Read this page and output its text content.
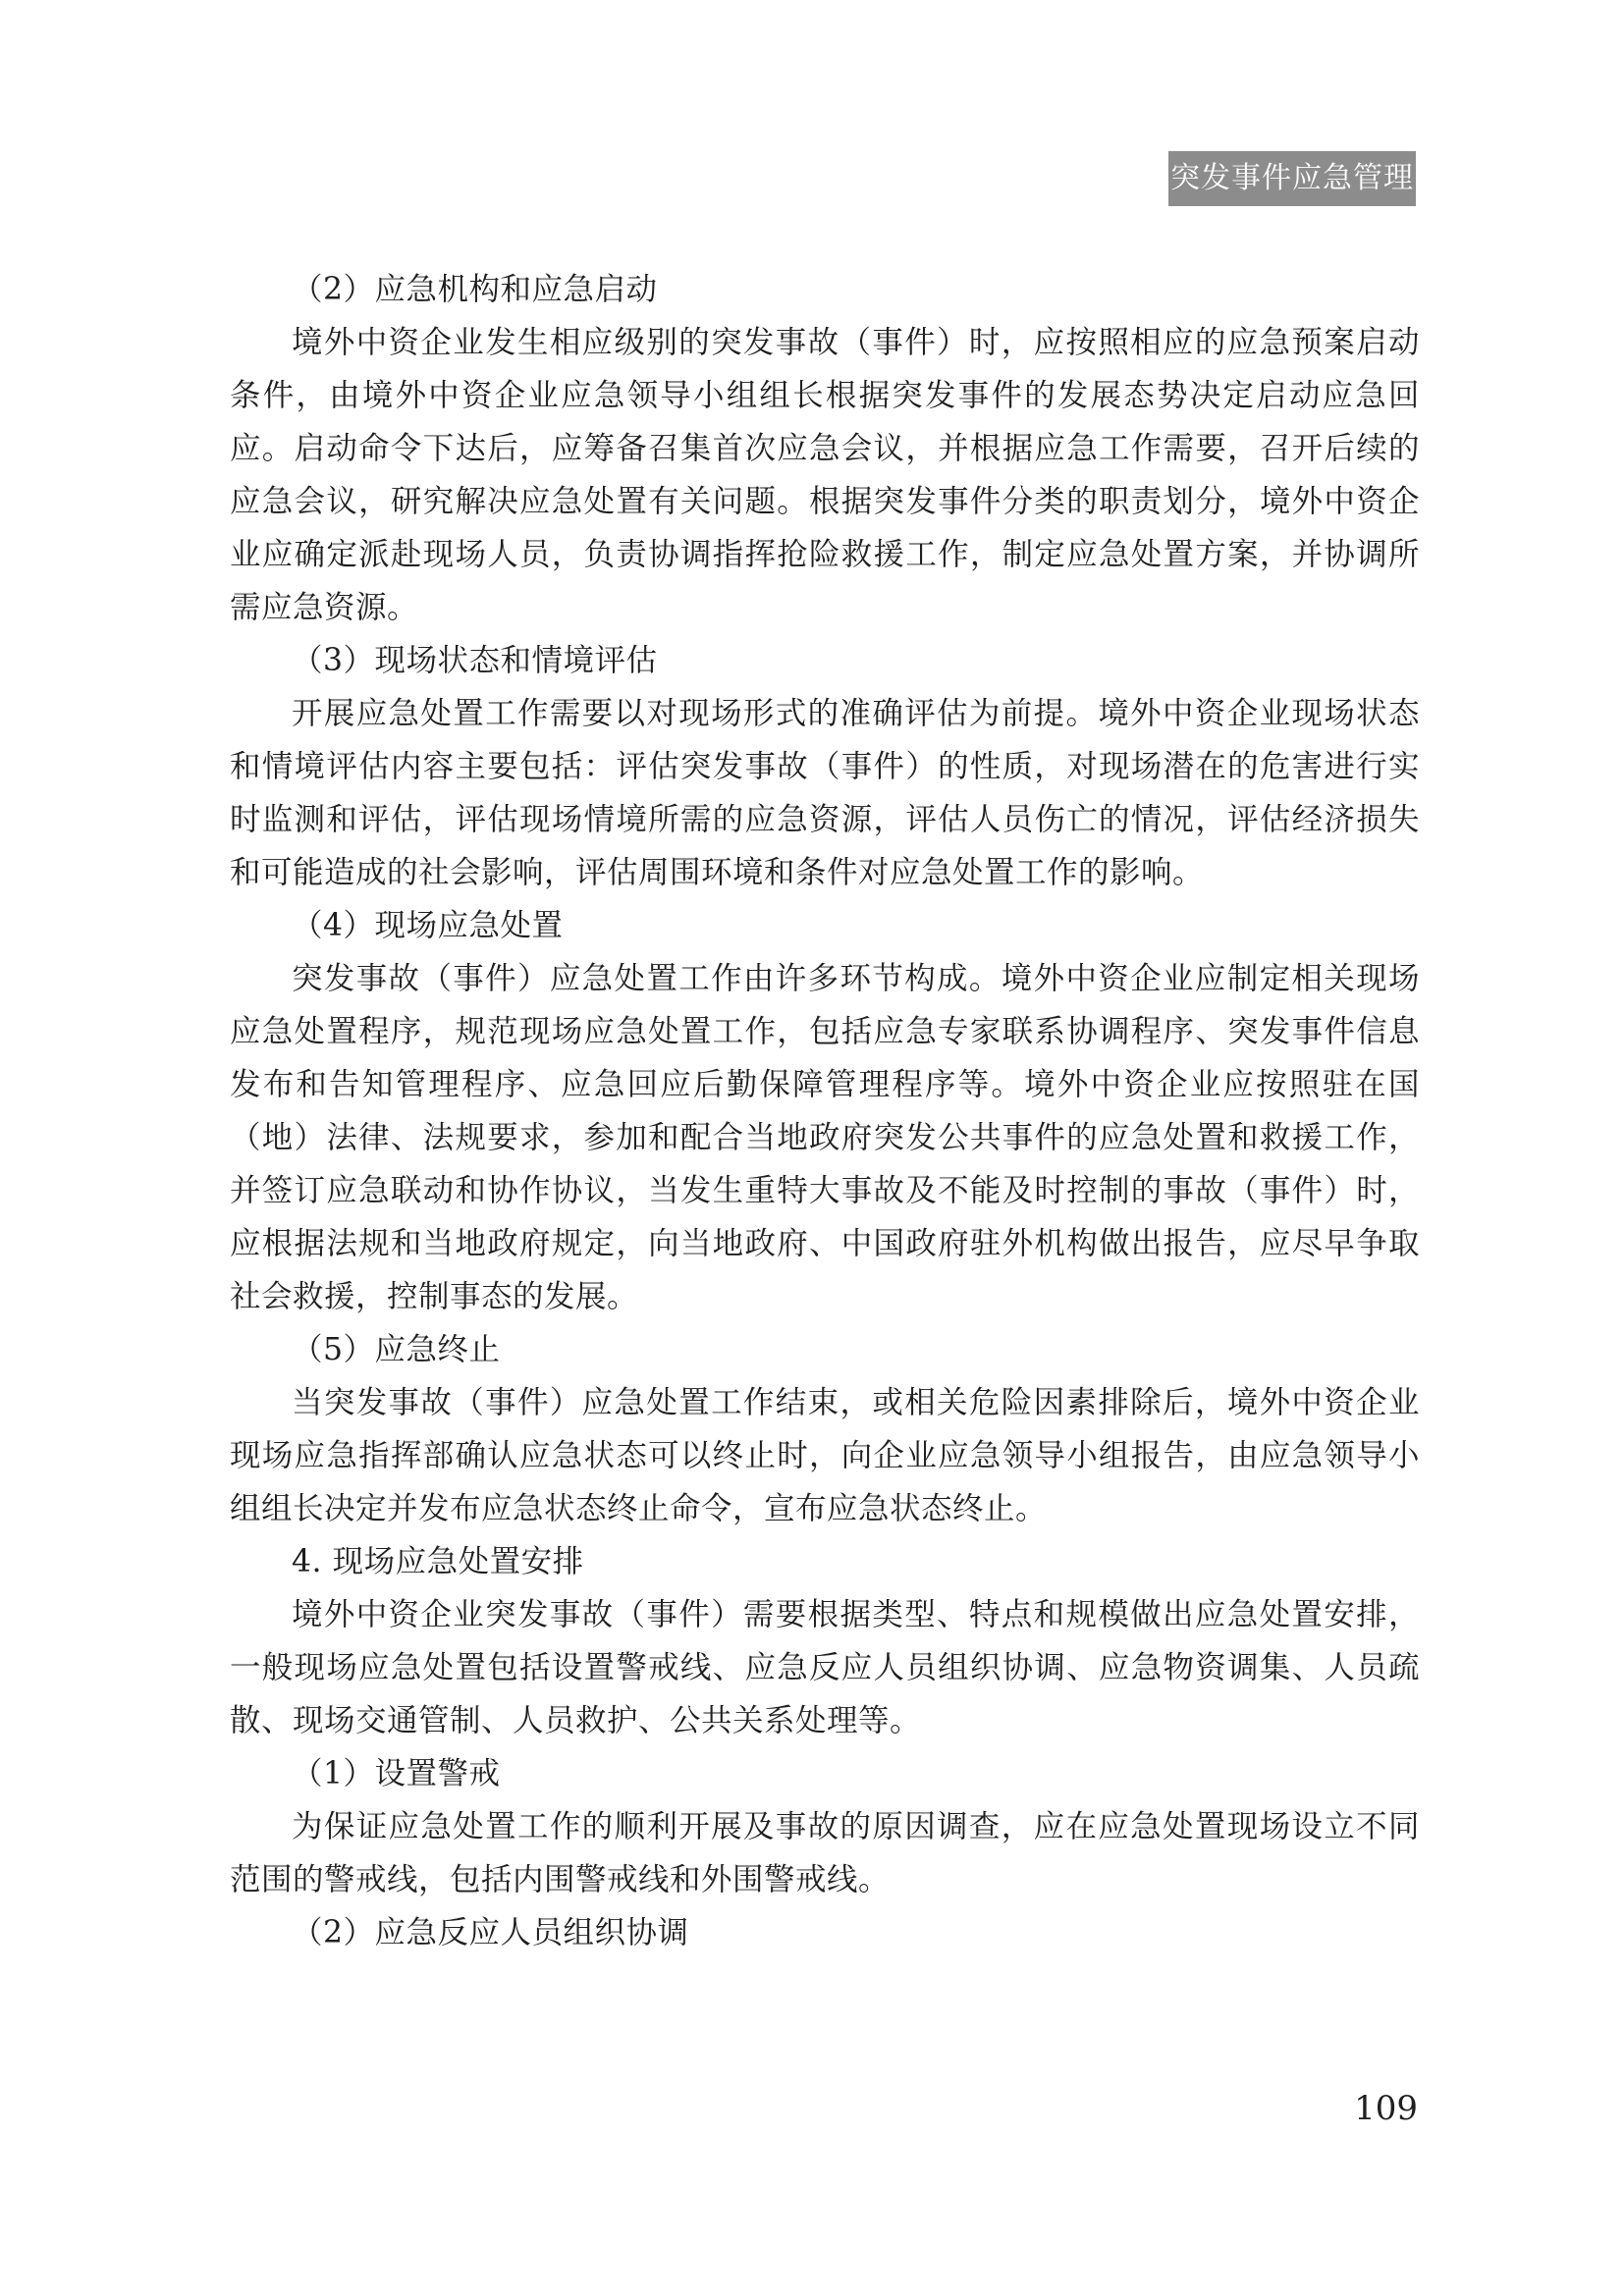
突发事件应急管理

（2）应急机构和应急启动

境外中资企业发生相应级别的突发事故（事件）时，应按照相应的应急预案启动条件，由境外中资企业应急领导小组组长根据突发事件的发展态势决定启动应急回应。启动命令下达后，应筹备召集首次应急会议，并根据应急工作需要，召开后续的应急会议，研究解决应急处置有关问题。根据突发事件分类的职责划分，境外中资企业应确定派赴现场人员，负责协调指挥抢险救援工作，制定应急处置方案，并协调所需应急资源。

（3）现场状态和情境评估

开展应急处置工作需要以对现场形式的准确评估为前提。境外中资企业现场状态和情境评估内容主要包括：评估突发事故（事件）的性质，对现场潜在的危害进行实时监测和评估，评估现场情境所需的应急资源，评估人员伤亡的情况，评估经济损失和可能造成的社会影响，评估周围环境和条件对应急处置工作的影响。

（4）现场应急处置

突发事故（事件）应急处置工作由许多环节构成。境外中资企业应制定相关现场应急处置程序，规范现场应急处置工作，包括应急专家联系协调程序、突发事件信息发布和告知管理程序、应急回应后勤保障管理程序等。境外中资企业应按照驻在国（地）法律、法规要求，参加和配合当地政府突发公共事件的应急处置和救援工作，并签订应急联动和协作协议，当发生重特大事故及不能及时控制的事故（事件）时，应根据法规和当地政府规定，向当地政府、中国政府驻外机构做出报告，应尽早争取社会救援，控制事态的发展。

（5）应急终止

当突发事故（事件）应急处置工作结束，或相关危险因素排除后，境外中资企业现场应急指挥部确认应急状态可以终止时，向企业应急领导小组报告，由应急领导小组组长决定并发布应急状态终止命令，宣布应急状态终止。

4. 现场应急处置安排

境外中资企业突发事故（事件）需要根据类型、特点和规模做出应急处置安排，一般现场应急处置包括设置警戒线、应急反应人员组织协调、应急物资调集、人员疏散、现场交通管制、人员救护、公共关系处理等。

（1）设置警戒

为保证应急处置工作的顺利开展及事故的原因调查，应在应急处置现场设立不同范围的警戒线，包括内围警戒线和外围警戒线。

（2）应急反应人员组织协调

109
